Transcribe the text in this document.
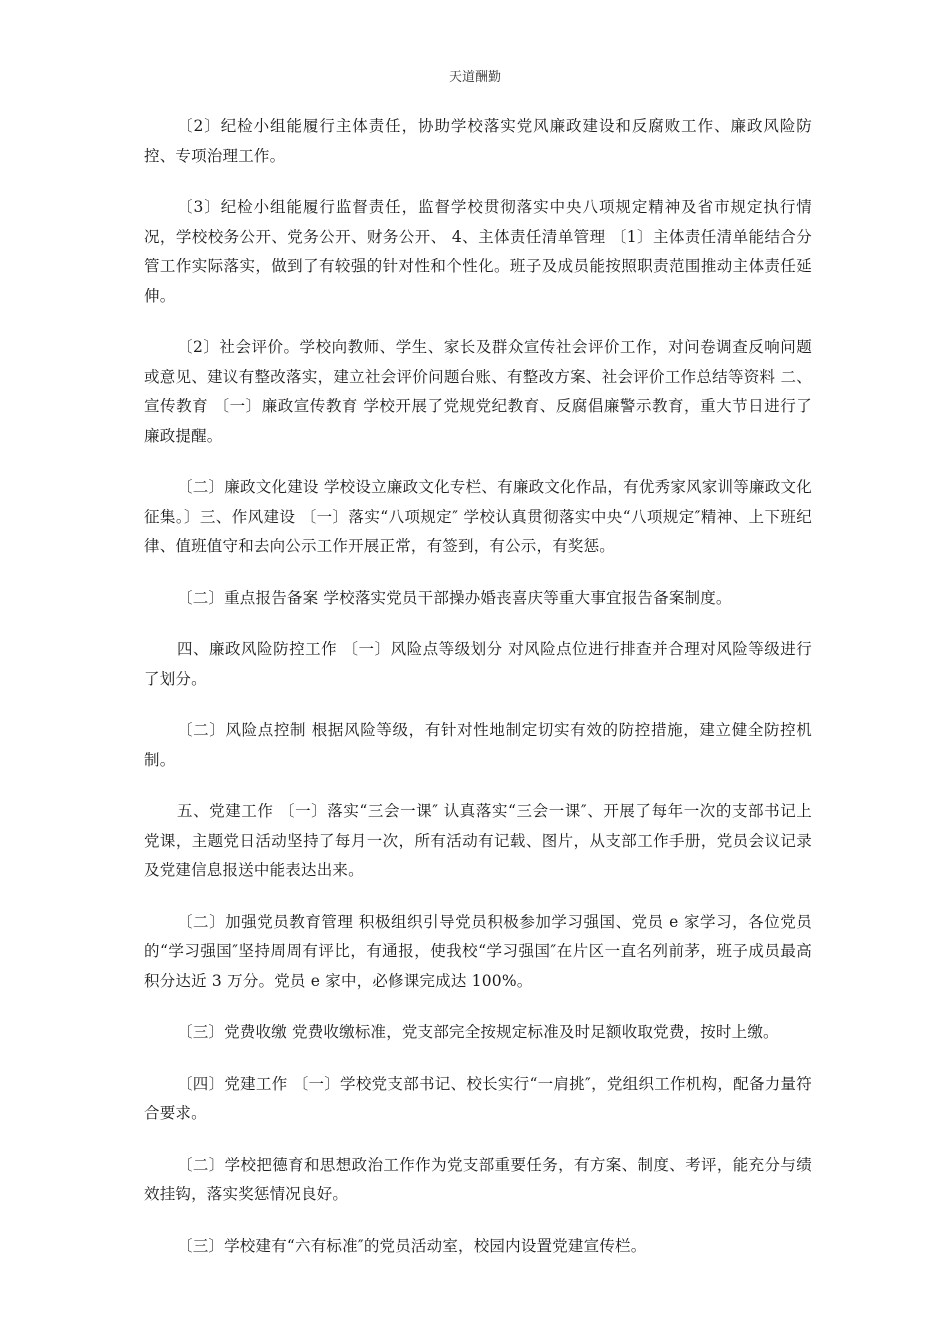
天道酬勤

〔2〕纪检小组能履行主体责任，协助学校落实党风廉政建设和反腐败工作、廉政风险防控、专项治理工作。

〔3〕纪检小组能履行监督责任，监督学校贯彻落实中央八项规定精神及省市规定执行情况，学校校务公开、党务公开、财务公开、 4、主体责任清单管理 〔1〕主体责任清单能结合分管工作实际落实，做到了有较强的针对性和个性化。班子及成员能按照职责范围推动主体责任延伸。

〔2〕社会评价。学校向教师、学生、家长及群众宣传社会评价工作，对问卷调查反响问题或意见、建议有整改落实，建立社会评价问题台账、有整改方案、社会评价工作总结等资料 二、宣传教育 〔一〕廉政宣传教育 学校开展了党规党纪教育、反腐倡廉警示教育，重大节日进行了廉政提醒。

〔二〕廉政文化建设 学校设立廉政文化专栏、有廉政文化作品，有优秀家风家训等廉政文化征集。〕三、作风建设 〔一〕落实“八项规定″ 学校认真贯彻落实中央“八项规定″精神、上下班纪律、值班值守和去向公示工作开展正常，有签到，有公示，有奖惩。

〔二〕重点报告备案 学校落实党员干部操办婚丧喜庆等重大事宜报告备案制度。

四、廉政风险防控工作 〔一〕风险点等级划分 对风险点位进行排查并合理对风险等级进行了划分。

〔二〕风险点控制 根据风险等级，有针对性地制定切实有效的防控措施，建立健全防控机制。

五、党建工作 〔一〕落实“三会一课″ 认真落实“三会一课″、开展了每年一次的支部书记上党课，主题党日活动坚持了每月一次，所有活动有记载、图片，从支部工作手册，党员会议记录及党建信息报送中能表达出来。

〔二〕加强党员教育管理 积极组织引导党员积极参加学习强国、党员 e 家学习，各位党员的“学习强国″坚持周周有评比，有通报，使我校“学习强国″在片区一直名列前茅，班子成员最高积分达近 3 万分。党员 e 家中，必修课完成达 100%。

〔三〕党费收缴 党费收缴标准，党支部完全按规定标准及时足额收取党费，按时上缴。

〔四〕党建工作 〔一〕学校党支部书记、校长实行“一肩挑″，党组织工作机构，配备力量符合要求。

〔二〕学校把德育和思想政治工作作为党支部重要任务，有方案、制度、考评，能充分与绩效挂钩，落实奖惩情况良好。

〔三〕学校建有“六有标准″的党员活动室，校园内设置党建宣传栏。
